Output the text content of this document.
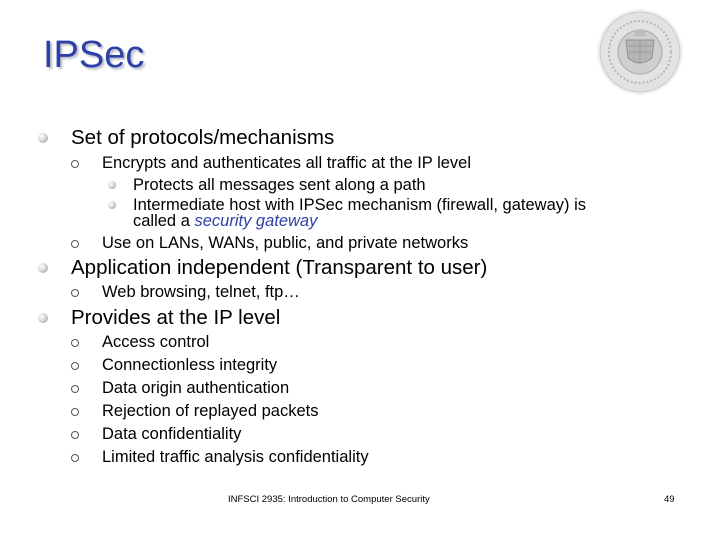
IPSec
Set of protocols/mechanisms
Encrypts and authenticates all traffic at the IP level
Protects all messages sent along a path
Intermediate host with IPSec mechanism (firewall, gateway) is
called a security gateway
Use on LANs, WANs, public, and private networks
Application independent (Transparent to user)
Web browsing, telnet, ftp…
Provides at the IP level
Access control
Connectionless integrity
Data origin authentication
Rejection of replayed packets
Data confidentiality
Limited traffic analysis confidentiality
INFSCI 2935: Introduction to Computer Security	49
